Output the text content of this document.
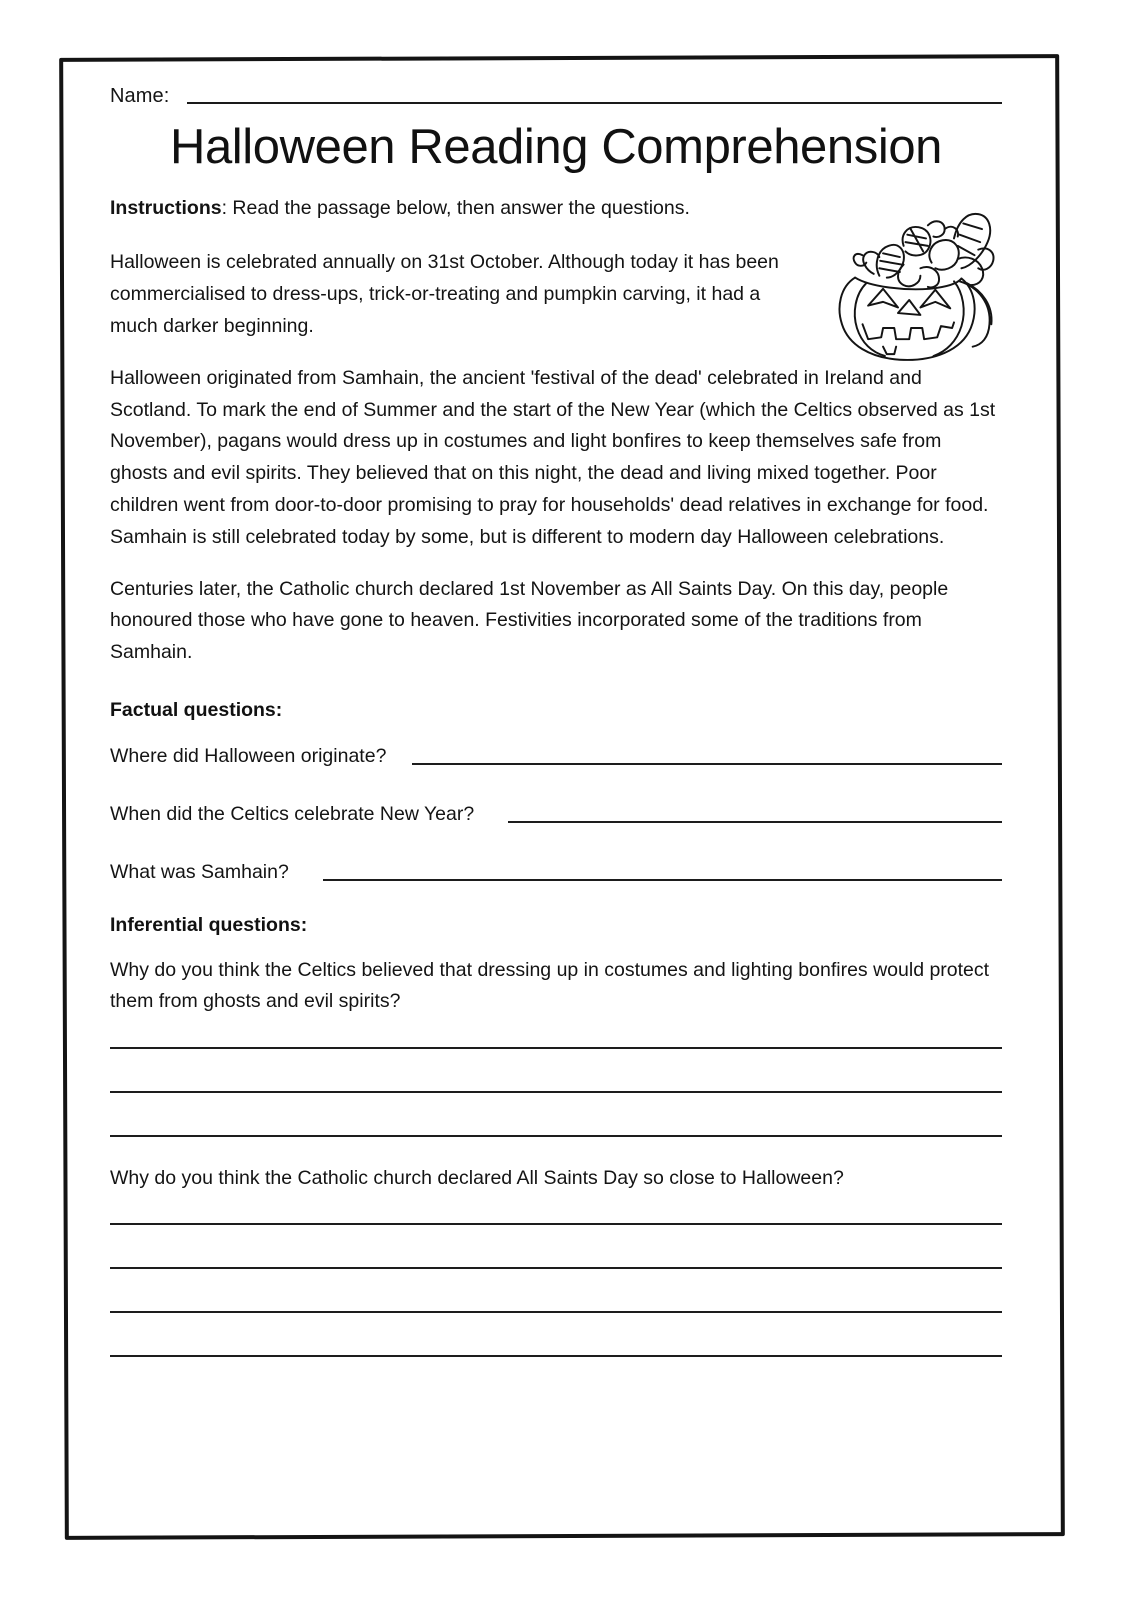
Name:
Halloween Reading Comprehension

Instructions: Read the passage below, then answer the questions.

Halloween is celebrated annually on 31st October. Although today it has been commercialised to dress-ups, trick-or-treating and pumpkin carving, it had a much darker beginning.

Halloween originated from Samhain, the ancient 'festival of the dead' celebrated in Ireland and Scotland. To mark the end of Summer and the start of the New Year (which the Celtics observed as 1st November), pagans would dress up in costumes and light bonfires to keep themselves safe from ghosts and evil spirits. They believed that on this night, the dead and living mixed together. Poor children went from door-to-door promising to pray for households' dead relatives in exchange for food. Samhain is still celebrated today by some, but is different to modern day Halloween celebrations.

Centuries later, the Catholic church declared 1st November as All Saints Day. On this day, people honoured those who have gone to heaven. Festivities incorporated some of the traditions from Samhain.

Factual questions:
Where did Halloween originate?
When did the Celtics celebrate New Year?
What was Samhain?
Inferential questions:

Why do you think the Celtics believed that dressing up in costumes and lighting bonfires would protect them from ghosts and evil spirits?

Why do you think the Catholic church declared All Saints Day so close to Halloween?
